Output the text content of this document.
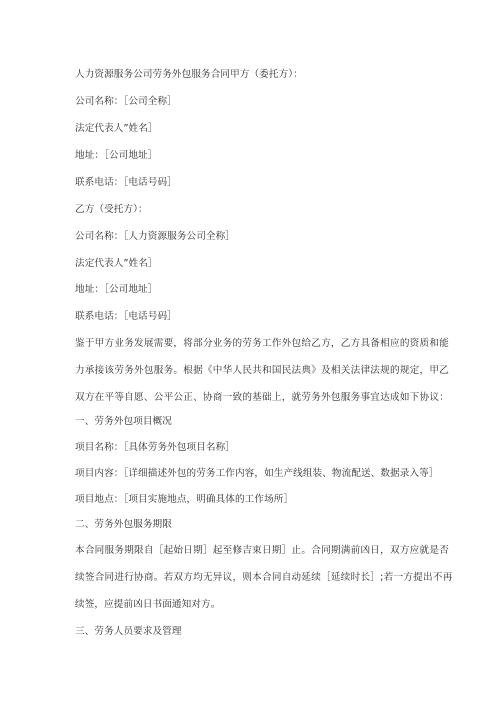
人力资源服务公司劳务外包服务合同甲方（委托方）：
公司名称：［公司全称］
法定代表人”姓名］
地址：［公司地址］
联系电话：［电话号码］
乙方（受托方）：
公司名称：［人力资源服务公司全称］
法定代表人”姓名］
地址：［公司地址］
联系电话：［电话号码］
鉴于甲方业务发展需要，将部分业务的劳务工作外包给乙方，乙方具备相应的资质和能
力承接该劳务外包服务。根据《中华人民共和国民法典》及相关法律法规的规定，甲乙
双方在平等自愿、公平公正、协商一致的基础上，就劳务外包服务事宜达成如下协议：
一、劳务外包项目概况
项目名称：［具体劳务外包项目名称］
项目内容：［详细描述外包的劳务工作内容，如生产线组装、物流配送、数据录入等］
项目地点：［项目实施地点，明确具体的工作场所］
二、劳务外包服务期限
本合同服务期限自［起始日期］起至修吉束日期］止。合同期满前凶日，双方应就是否
续签合同进行协商。若双方均无异议，则本合同自动延续［延续时长］;若一方提出不再
续签，应提前凶日书面通知对方。
三、劳务人员要求及管理
